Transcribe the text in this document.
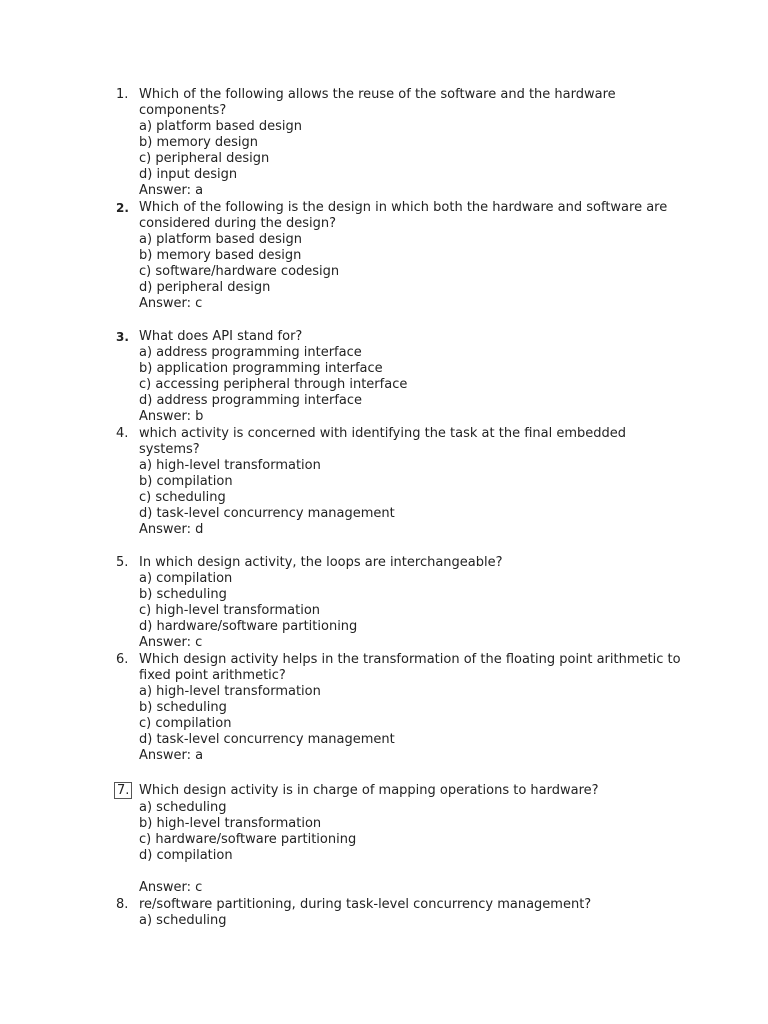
1. Which of the following allows the reuse of the software and the hardware
components?
a) platform based design
b) memory design
c) peripheral design
d) input design
Answer: a
2. Which of the following is the design in which both the hardware and software are
considered during the design?
a) platform based design
b) memory based design
c) software/hardware codesign
d) peripheral design
Answer: c
3. What does API stand for?
a) address programming interface
b) application programming interface
c) accessing peripheral through interface
d) address programming interface
Answer: b
4. which activity is concerned with identifying the task at the final embedded
systems?
a) high-level transformation
b) compilation
c) scheduling
d) task-level concurrency management
Answer: d
5. In which design activity, the loops are interchangeable?
a) compilation
b) scheduling
c) high-level transformation
d) hardware/software partitioning
Answer: c
6. Which design activity helps in the transformation of the floating point arithmetic to
fixed point arithmetic?
a) high-level transformation
b) scheduling
c) compilation
d) task-level concurrency management
Answer: a
7. Which design activity is in charge of mapping operations to hardware?
a) scheduling
b) high-level transformation
c) hardware/software partitioning
d) compilation
Answer: c
8. re/software partitioning, during task-level concurrency management?
a) scheduling
